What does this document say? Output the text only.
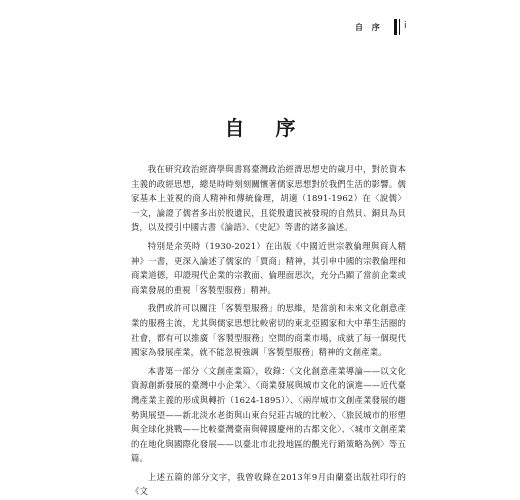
自 序 i
自 序

我在研究政治經濟學與書寫臺灣政治經濟思想史的歲月中，對於資本主義的政經思想，總是時時刻刻關懷著儒家思想對於我們生活的影響。儒家基本上並視的商人精神和傳統倫理，胡適（1891-1962）在〈說儒〉一文，論證了儒者多出於殷遺民，且從殷遺民被發現的自然貝、銅貝為貝貨，以及授引中國古書《論語》、《史記》等書的諸多論述。

特別是余英時（1930-2021）在出版《中國近世宗教倫理與商人精神》一書，更深入論述了儒家的「賈商」精神，其引申中國的宗教倫理和商業道德，印證現代企業的宗教面、倫理面思次，充分凸顯了當前企業或商業發展的重視「客製型服務」精神。

我們或許可以關注「客製型服務」的思維，是當前和未來文化創意產業的服務主流，尤其與儒家思想比較密切的東北亞國家和大中華生活圈的社會，都有可以推廣「客製型服務」空間的商業市場，成就了每一個現代國家為發展產業，就不能忽視強調「客製型服務」精神的文創產業。

本書第一部分〈文創產業篇〉，收錄：〈文化創意產業導論——以文化資源創新發展的臺灣中小企業〉、〈商業發展與城市文化的演進——近代臺灣產業主義的形成與轉折（1624-1895）〉、〈兩岸城市文創產業發展的趨勢與展望——新北淡水老街與山東台兒莊古城的比較〉、〈旅民城市的形塑與全球化挑戰——比較臺灣臺南與韓國慶州的古都文化〉、〈城市文創產業的在地化與國際化發展——以臺北市北投地區的觀光行銷策略為例〉等五篇。

上述五篇的部分文字，我曾收錄在2013年9月由蘭臺出版社印行的《文
